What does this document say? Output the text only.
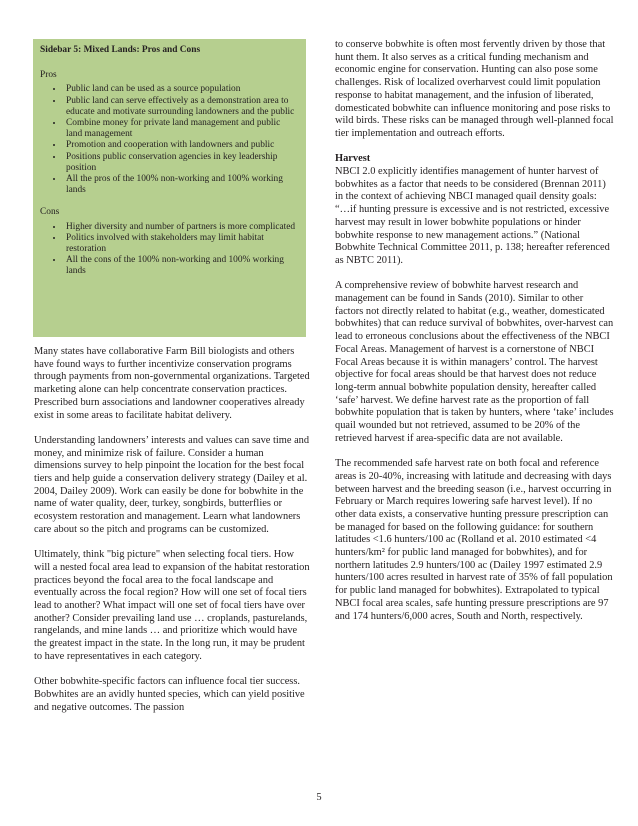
Sidebar 5: Mixed Lands: Pros and Cons

Pros

• Public land can be used as a source population
• Public land can serve effectively as a demonstration area to educate and motivate surrounding landowners and the public
• Combine money for private land management and public land management
• Promotion and cooperation with landowners and public
• Positions public conservation agencies in key leadership position
• All the pros of the 100% non-working and 100% working lands

Cons

• Higher diversity and number of partners is more complicated
• Politics involved with stakeholders may limit habitat restoration
• All the cons of the 100% non-working and 100% working lands

Many states have collaborative Farm Bill biologists and others have found ways to further incentivize conservation programs through payments from non-governmental organizations. Targeted marketing alone can help concentrate conservation practices. Prescribed burn associations and landowner cooperatives already exist in some areas to facilitate habitat delivery.

Understanding landowners’ interests and values can save time and money, and minimize risk of failure. Consider a human dimensions survey to help pinpoint the location for the best focal tiers and help guide a conservation delivery strategy (Dailey et al. 2004, Dailey 2009). Work can easily be done for bobwhite in the name of water quality, deer, turkey, songbirds, butterflies or ecosystem restoration and management. Learn what landowners care about so the pitch and programs can be customized.

Ultimately, think "big picture" when selecting focal tiers. How will a nested focal area lead to expansion of the habitat restoration practices beyond the focal area to the focal landscape and eventually across the focal region? How will one set of focal tiers lead to another? What impact will one set of focal tiers have over another? Consider prevailing land use … croplands, pasturelands, rangelands, and mine lands … and prioritize which would have the greatest impact in the state. In the long run, it may be prudent to have representatives in each category.

Other bobwhite-specific factors can influence focal tier success. Bobwhites are an avidly hunted species, which can yield positive and negative outcomes. The passion

to conserve bobwhite is often most fervently driven by those that hunt them. It also serves as a critical funding mechanism and economic engine for conservation. Hunting can also pose some challenges. Risk of localized overharvest could limit population response to habitat management, and the infusion of liberated, domesticated bobwhite can influence monitoring and pose risks to wild birds. These risks can be managed through well-planned focal tier implementation and outreach efforts.

Harvest

NBCI 2.0 explicitly identifies management of hunter harvest of bobwhites as a factor that needs to be considered (Brennan 2011) in the context of achieving NBCI managed quail density goals: “…if hunting pressure is excessive and is not restricted, excessive harvest may result in lower bobwhite populations or hinder bobwhite response to new management actions.” (National Bobwhite Technical Committee 2011, p. 138; hereafter referenced as NBTC 2011).

A comprehensive review of bobwhite harvest research and management can be found in Sands (2010). Similar to other factors not directly related to habitat (e.g., weather, domesticated bobwhites) that can reduce survival of bobwhites, over-harvest can lead to erroneous conclusions about the effectiveness of the NBCI Focal Areas. Management of harvest is a cornerstone of NBCI Focal Areas because it is within managers’ control. The harvest objective for focal areas should be that harvest does not reduce long-term annual bobwhite population density, hereafter called ‘safe’ harvest. We define harvest rate as the proportion of fall bobwhite population that is taken by hunters, where ‘take’ includes quail wounded but not retrieved, assumed to be 20% of the retrieved harvest if area-specific data are not available.

The recommended safe harvest rate on both focal and reference areas is 20-40%, increasing with latitude and decreasing with days between harvest and the breeding season (i.e., harvest occurring in February or March requires lowering safe harvest level). If no other data exists, a conservative hunting pressure prescription can be managed for based on the following guidance: for southern latitudes <1.6 hunters/100 ac (Rolland et al. 2010 estimated <4 hunters/km² for public land managed for bobwhites), and for northern latitudes 2.9 hunters/100 ac (Dailey 1997 estimated 2.9 hunters/100 acres resulted in harvest rate of 35% of fall population for public land managed for bobwhites). Extrapolated to typical NBCI focal area scales, safe hunting pressure prescriptions are 97 and 174 hunters/6,000 acres, South and North, respectively.

5
